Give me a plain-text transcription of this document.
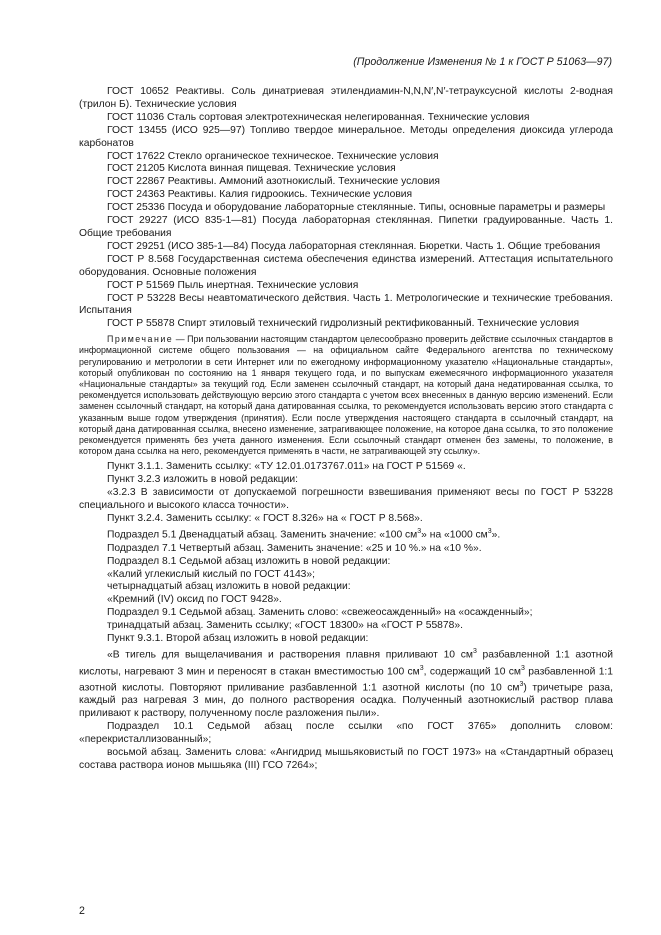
(Продолжение Изменения № 1 к ГОСТ Р 51063—97)

ГОСТ 10652 Реактивы. Соль динатриевая этилендиамин-N,N,N′,N′-тетрауксусной кислоты 2-водная (трилон Б). Технические условия

ГОСТ 11036 Сталь сортовая электротехническая нелегированная. Технические условия

ГОСТ 13455 (ИСО 925—97) Топливо твердое минеральное. Методы определения диоксида углерода карбонатов

ГОСТ 17622 Стекло органическое техническое. Технические условия

ГОСТ 21205 Кислота винная пищевая. Технические условия

ГОСТ 22867 Реактивы. Аммоний азотнокислый. Технические условия

ГОСТ 24363 Реактивы. Калия гидроокись. Технические условия

ГОСТ 25336 Посуда и оборудование лабораторные стеклянные. Типы, основные параметры и размеры

ГОСТ 29227 (ИСО 835-1—81) Посуда лабораторная стеклянная. Пипетки градуированные. Часть 1. Общие требования

ГОСТ 29251 (ИСО 385-1—84) Посуда лабораторная стеклянная. Бюретки. Часть 1. Общие требования

ГОСТ Р 8.568 Государственная система обеспечения единства измерений. Аттестация испытательного оборудования. Основные положения

ГОСТ Р 51569 Пыль инертная. Технические условия

ГОСТ Р 53228 Весы неавтоматического действия. Часть 1. Метрологические и технические требования. Испытания

ГОСТ Р 55878 Спирт этиловый технический гидролизный ректификованный. Технические условия

Примечание — При пользовании настоящим стандартом целесообразно проверить действие ссылочных стандартов в информационной системе общего пользования — на официальном сайте Федерального агентства по техническому регулированию и метрологии в сети Интернет или по ежегодному информационному указателю «Национальные стандарты», который опубликован по состоянию на 1 января текущего года, и по выпускам ежемесячного информационного указателя «Национальные стандарты» за текущий год. Если заменен ссылочный стандарт, на который дана недатированная ссылка, то рекомендуется использовать действующую версию этого стандарта с учетом всех внесенных в данную версию изменений. Если заменен ссылочный стандарт, на который дана датированная ссылка, то рекомендуется использовать версию этого стандарта с указанным выше годом утверждения (принятия). Если после утверждения настоящего стандарта в ссылочный стандарт, на который дана датированная ссылка, внесено изменение, затрагивающее положение, на которое дана ссылка, то это положение рекомендуется применять без учета данного изменения. Если ссылочный стандарт отменен без замены, то положение, в котором дана ссылка на него, рекомендуется применять в части, не затрагивающей эту ссылку».

Пункт 3.1.1. Заменить ссылку: «ТУ 12.01.0173767.011» на ГОСТ Р 51569 «.

Пункт 3.2.3 изложить в новой редакции:

«3.2.3 В зависимости от допускаемой погрешности взвешивания применяют весы по ГОСТ Р 53228 специального и высокого класса точности».

Пункт 3.2.4. Заменить ссылку: « ГОСТ 8.326» на « ГОСТ Р 8.568».

Подраздел 5.1 Двенадцатый абзац. Заменить значение: «100 $см^3$» на «1000 $см^3$».

Подраздел 7.1 Четвертый абзац. Заменить значение: «25 и 10 %.» на «10 %».

Подраздел 8.1 Седьмой абзац изложить в новой редакции:

«Калий углекислый кислый по ГОСТ 4143»;

четырнадцатый абзац изложить в новой редакции:

«Кремний (IV) оксид по ГОСТ 9428».

Подраздел 9.1 Седьмой абзац. Заменить слово: «свежеосажденный» на «осажденный»;

тринадцатый абзац. Заменить ссылку; «ГОСТ 18300» на «ГОСТ Р 55878».

Пункт 9.3.1. Второй абзац изложить в новой редакции:

«В тигель для выщелачивания и растворения плавня приливают 10 $см^3$ разбавленной 1:1 азотной кислоты, нагревают 3 мин и переносят в стакан вместимостью 100 $см^3$, содержащий 10 $см^3$ разбавленной 1:1 азотной кислоты. Повторяют приливание разбавленной 1:1 азотной кислоты (по 10 $см^3$) тричетыре раза, каждый раз нагревая 3 мин, до полного растворения осадка. Полученный азотнокислый раствор плава приливают к раствору, полученному после разложения пыли».

Подраздел 10.1 Седьмой абзац после ссылки «по ГОСТ 3765» дополнить словом: «перекристаллизованный»;

восьмой абзац. Заменить слова: «Ангидрид мышьяковистый по ГОСТ 1973» на «Стандартный образец состава раствора ионов мышьяка (III) ГСО 7264»;

2
